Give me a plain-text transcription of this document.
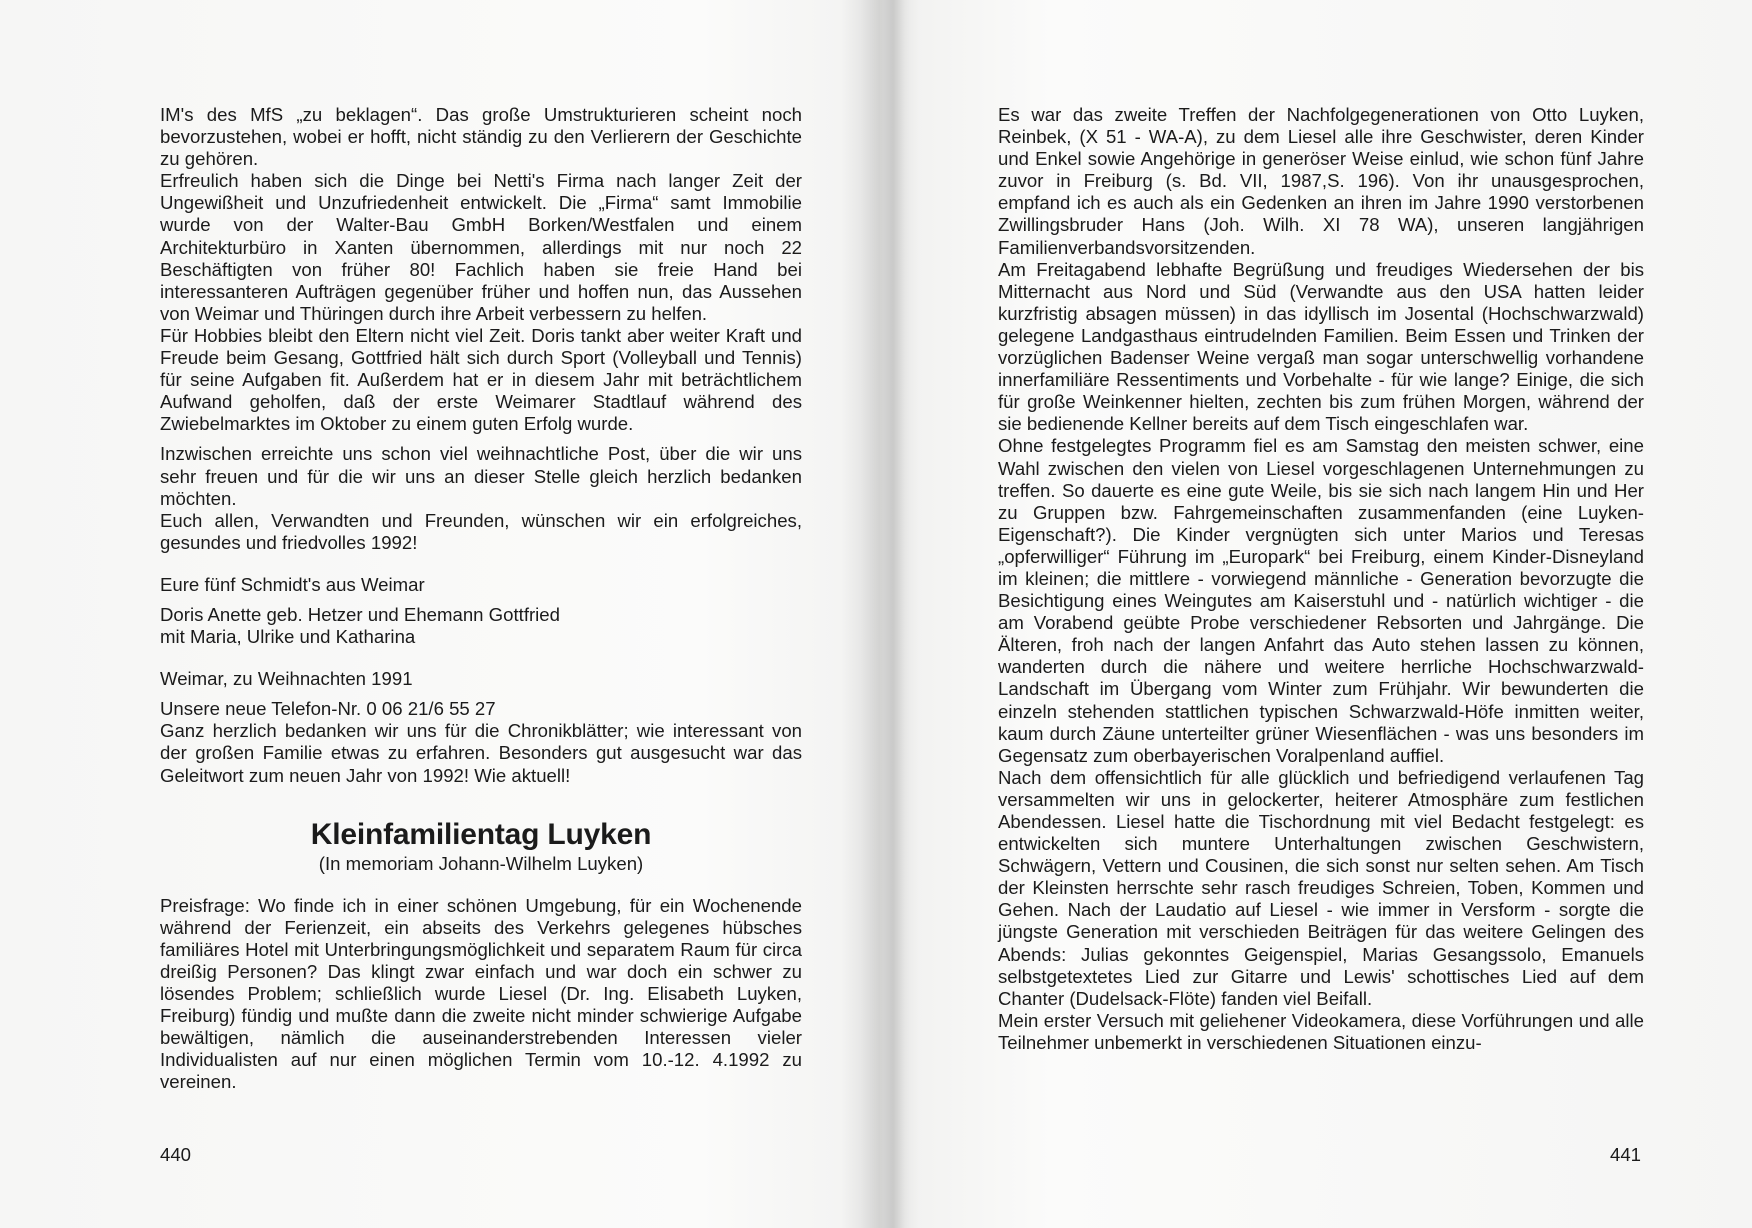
IM's des MfS „zu beklagen“. Das große Umstrukturieren scheint noch bevorzustehen, wobei er hofft, nicht ständig zu den Verlierern der Geschichte zu gehören.

Erfreulich haben sich die Dinge bei Netti's Firma nach langer Zeit der Ungewißheit und Unzufriedenheit entwickelt. Die „Firma“ samt Immobilie wurde von der Walter-Bau GmbH Borken/Westfalen und einem Architekturbüro in Xanten übernommen, allerdings mit nur noch 22 Beschäftigten von früher 80! Fachlich haben sie freie Hand bei interessanteren Aufträgen gegenüber früher und hoffen nun, das Aussehen von Weimar und Thüringen durch ihre Arbeit verbessern zu helfen.

Für Hobbies bleibt den Eltern nicht viel Zeit. Doris tankt aber weiter Kraft und Freude beim Gesang, Gottfried hält sich durch Sport (Volleyball und Tennis) für seine Aufgaben fit. Außerdem hat er in diesem Jahr mit beträchtlichem Aufwand geholfen, daß der erste Weimarer Stadtlauf während des Zwiebelmarktes im Oktober zu einem guten Erfolg wurde.

Inzwischen erreichte uns schon viel weihnachtliche Post, über die wir uns sehr freuen und für die wir uns an dieser Stelle gleich herzlich bedanken möchten.

Euch allen, Verwandten und Freunden, wünschen wir ein erfolgreiches, gesundes und friedvolles 1992!

Eure fünf Schmidt's aus Weimar

Doris Anette geb. Hetzer und Ehemann Gottfried

mit Maria, Ulrike und Katharina

Weimar, zu Weihnachten 1991

Unsere neue Telefon-Nr. 0 06 21/6 55 27

Ganz herzlich bedanken wir uns für die Chronikblätter; wie interessant von der großen Familie etwas zu erfahren. Besonders gut ausgesucht war das Geleitwort zum neuen Jahr von 1992! Wie aktuell!

Kleinfamilientag Luyken

(In memoriam Johann-Wilhelm Luyken)

Preisfrage: Wo finde ich in einer schönen Umgebung, für ein Wochenende während der Ferienzeit, ein abseits des Verkehrs gelegenes hübsches familiäres Hotel mit Unterbringungsmöglichkeit und separatem Raum für circa dreißig Personen? Das klingt zwar einfach und war doch ein schwer zu lösendes Problem; schließlich wurde Liesel (Dr. Ing. Elisabeth Luyken, Freiburg) fündig und mußte dann die zweite nicht minder schwierige Aufgabe bewältigen, nämlich die auseinanderstrebenden Interessen vieler Individualisten auf nur einen möglichen Termin vom 10.-12. 4.1992 zu vereinen.

440

Es war das zweite Treffen der Nachfolgegenerationen von Otto Luyken, Reinbek, (X 51 - WA-A), zu dem Liesel alle ihre Geschwister, deren Kinder und Enkel sowie Angehörige in generöser Weise einlud, wie schon fünf Jahre zuvor in Freiburg (s. Bd. VII, 1987,S. 196). Von ihr unausgesprochen, empfand ich es auch als ein Gedenken an ihren im Jahre 1990 verstorbenen Zwillingsbruder Hans (Joh. Wilh. XI 78 WA), unseren langjährigen Familienverbandsvorsitzenden.

Am Freitagabend lebhafte Begrüßung und freudiges Wiedersehen der bis Mitternacht aus Nord und Süd (Verwandte aus den USA hatten leider kurzfristig absagen müssen) in das idyllisch im Josental (Hochschwarzwald) gelegene Landgasthaus eintrudelnden Familien. Beim Essen und Trinken der vorzüglichen Badenser Weine vergaß man sogar unterschwellig vorhandene innerfamiliäre Ressentiments und Vorbehalte - für wie lange? Einige, die sich für große Weinkenner hielten, zechten bis zum frühen Morgen, während der sie bedienende Kellner bereits auf dem Tisch eingeschlafen war.

Ohne festgelegtes Programm fiel es am Samstag den meisten schwer, eine Wahl zwischen den vielen von Liesel vorgeschlagenen Unternehmungen zu treffen. So dauerte es eine gute Weile, bis sie sich nach langem Hin und Her zu Gruppen bzw. Fahrgemeinschaften zusammenfanden (eine Luyken-Eigenschaft?). Die Kinder vergnügten sich unter Marios und Teresas „opferwilliger“ Führung im „Europark“ bei Freiburg, einem Kinder-Disneyland im kleinen; die mittlere - vorwiegend männliche - Generation bevorzugte die Besichtigung eines Weingutes am Kaiserstuhl und - natürlich wichtiger - die am Vorabend geübte Probe verschiedener Rebsorten und Jahrgänge. Die Älteren, froh nach der langen Anfahrt das Auto stehen lassen zu können, wanderten durch die nähere und weitere herrliche Hochschwarzwald-Landschaft im Übergang vom Winter zum Frühjahr. Wir bewunderten die einzeln stehenden stattlichen typischen Schwarzwald-Höfe inmitten weiter, kaum durch Zäune unterteilter grüner Wiesenflächen - was uns besonders im Gegensatz zum oberbayerischen Voralpenland auffiel.

Nach dem offensichtlich für alle glücklich und befriedigend verlaufenen Tag versammelten wir uns in gelockerter, heiterer Atmosphäre zum festlichen Abendessen. Liesel hatte die Tischordnung mit viel Bedacht festgelegt: es entwickelten sich muntere Unterhaltungen zwischen Geschwistern, Schwägern, Vettern und Cousinen, die sich sonst nur selten sehen. Am Tisch der Kleinsten herrschte sehr rasch freudiges Schreien, Toben, Kommen und Gehen. Nach der Laudatio auf Liesel - wie immer in Versform - sorgte die jüngste Generation mit verschieden Beiträgen für das weitere Gelingen des Abends: Julias gekonntes Geigenspiel, Marias Gesangssolo, Emanuels selbstgetextetes Lied zur Gitarre und Lewis' schottisches Lied auf dem Chanter (Dudelsack-Flöte) fanden viel Beifall.

Mein erster Versuch mit geliehener Videokamera, diese Vorführungen und alle Teilnehmer unbemerkt in verschiedenen Situationen einzu-

441
